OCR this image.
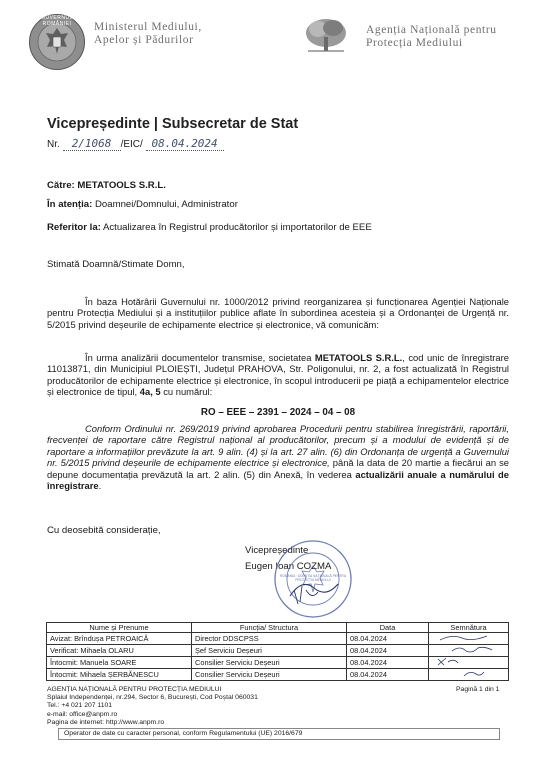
GUVERNUL ROMÂNIEI	Ministerul Mediului,
Apelor și Pădurilor
Agenția Națională pentru
Protecția Mediului
Vicepreședinte | Subsecretar de Stat
Nr. 2/1068 /EIC/ 08.04.2024
Către: METATOOLS S.R.L.
În atenția: Doamnei/Domnului, Administrator
Referitor la: Actualizarea în Registrul producătorilor și importatorilor de EEE
Stimată Doamnă/Stimate Domn,
În baza Hotărârii Guvernului nr. 1000/2012 privind reorganizarea și funcționarea Agenției Naționale pentru Protecția Mediului și a instituțiilor publice aflate în subordinea acesteia și a Ordonanței de Urgență nr. 5/2015 privind deșeurile de echipamente electrice și electronice, vă comunicăm:
În urma analizării documentelor transmise, societatea METATOOLS S.R.L., cod unic de înregistrare 11013871, din Municipiul PLOIEȘTI, Județul PRAHOVA, Str. Poligonului, nr. 2, a fost actualizată în Registrul producătorilor de echipamente electrice și electronice, în scopul introducerii pe piață a echipamentelor electrice și electronice de tipul, 4a, 5 cu numărul:
RO – EEE – 2391 – 2024 – 04 – 08
Conform Ordinului nr. 269/2019 privind aprobarea Procedurii pentru stabilirea înregistrării, raportării, frecvenței de raportare către Registrul național al producătorilor, precum și a modului de evidență și de raportare a informațiilor prevăzute la art. 9 alin. (4) și la art. 27 alin. (6) din Ordonanța de urgență a Guvernului nr. 5/2015 privind deșeurile de echipamente electrice și electronice, până la data de 20 martie a fiecărui an se depune documentația prevăzută la art. 2 alin. (5) din Anexă, în vederea actualizării anuale a numărului de înregistrare.
Cu deosebită considerație,
Vicepreședinte
Eugen Ioan COZMA
ROMÂNIA · AGENȚIA NAȚIONALĂ PENTRU PROTECȚIA MEDIULUI
Nume și Prenume	Funcția/ Structura	Data	Semnătura
Avizat: Brîndușa PETROAICĂ	Director DDSCPSS	08.04.2024	
Verificat: Mihaela OLARU	Șef Serviciu Deșeuri	08.04.2024	
Întocmit: Manuela SOARE	Consilier Serviciu Deșeuri	08.04.2024	
Întocmit: Mihaela ȘERBĂNESCU	Consilier Serviciu Deșeuri	08.04.2024	
AGENȚIA NAȚIONALĂ PENTRU PROTECȚIA MEDIULUI
Splaiul Independenței, nr.294, Sector 6, București, Cod Poștal 060031
Tel.: +4 021 207 1101
e-mail: office@anpm.ro
Pagina de internet: http://www.anpm.ro
Pagină 1 din 1
Operator de date cu caracter personal, conform Regulamentului (UE) 2016/679
